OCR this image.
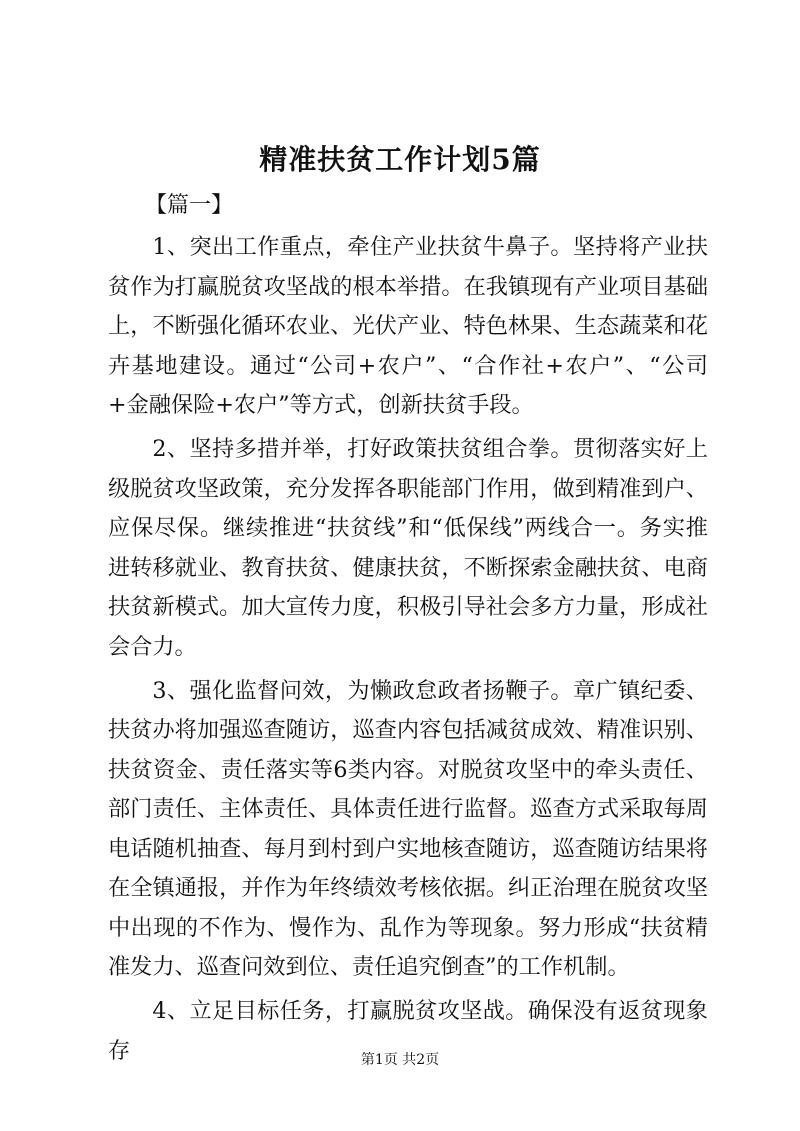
精准扶贫工作计划5篇
【篇一】

1、突出工作重点，牵住产业扶贫牛鼻子。坚持将产业扶贫作为打赢脱贫攻坚战的根本举措。在我镇现有产业项目基础上，不断强化循环农业、光伏产业、特色林果、生态蔬菜和花卉基地建设。通过“公司+农户”、“合作社+农户”、“公司+金融保险+农户”等方式，创新扶贫手段。

2、坚持多措并举，打好政策扶贫组合拳。贯彻落实好上级脱贫攻坚政策，充分发挥各职能部门作用，做到精准到户、应保尽保。继续推进“扶贫线”和“低保线”两线合一。务实推进转移就业、教育扶贫、健康扶贫，不断探索金融扶贫、电商扶贫新模式。加大宣传力度，积极引导社会多方力量，形成社会合力。

3、强化监督问效，为懒政怠政者扬鞭子。章广镇纪委、扶贫办将加强巡查随访，巡查内容包括减贫成效、精准识别、扶贫资金、责任落实等6类内容。对脱贫攻坚中的牵头责任、部门责任、主体责任、具体责任进行监督。巡查方式采取每周电话随机抽查、每月到村到户实地核查随访，巡查随访结果将在全镇通报，并作为年终绩效考核依据。纠正治理在脱贫攻坚中出现的不作为、慢作为、乱作为等现象。努力形成“扶贫精准发力、巡查问效到位、责任追究倒查”的工作机制。

4、立足目标任务，打赢脱贫攻坚战。确保没有返贫现象存	第1页 共2页
